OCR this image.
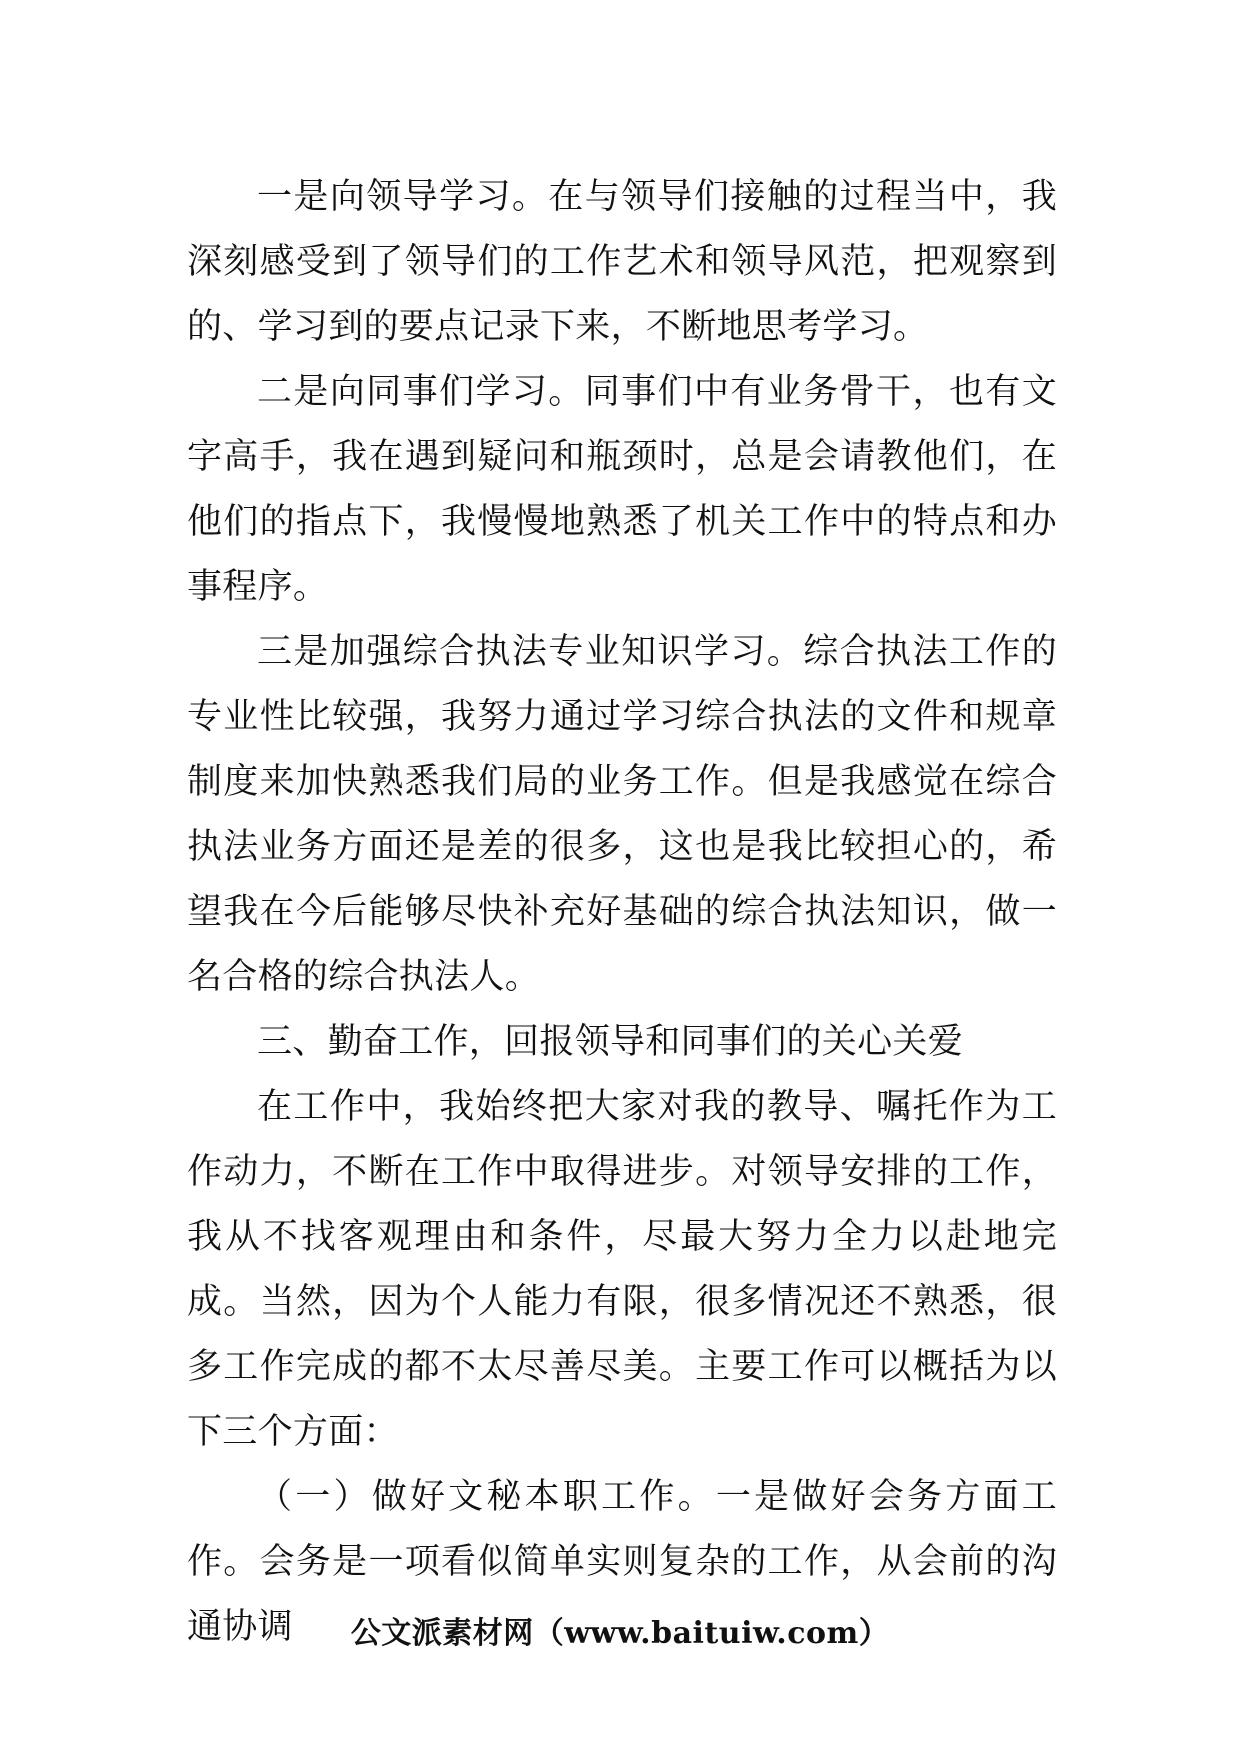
一是向领导学习。在与领导们接触的过程当中，我深刻感受到了领导们的工作艺术和领导风范，把观察到的、学习到的要点记录下来，不断地思考学习。

二是向同事们学习。同事们中有业务骨干，也有文字高手，我在遇到疑问和瓶颈时，总是会请教他们，在他们的指点下，我慢慢地熟悉了机关工作中的特点和办事程序。

三是加强综合执法专业知识学习。综合执法工作的专业性比较强，我努力通过学习综合执法的文件和规章制度来加快熟悉我们局的业务工作。但是我感觉在综合执法业务方面还是差的很多，这也是我比较担心的，希望我在今后能够尽快补充好基础的综合执法知识，做一名合格的综合执法人。

三、勤奋工作，回报领导和同事们的关心关爱

在工作中，我始终把大家对我的教导、嘱托作为工作动力，不断在工作中取得进步。对领导安排的工作，我从不找客观理由和条件，尽最大努力全力以赴地完成。当然，因为个人能力有限，很多情况还不熟悉，很多工作完成的都不太尽善尽美。主要工作可以概括为以下三个方面：

（一）做好文秘本职工作。一是做好会务方面工作。会务是一项看似简单实则复杂的工作，从会前的沟通协调	公文派素材网（www.baituiw.com）
